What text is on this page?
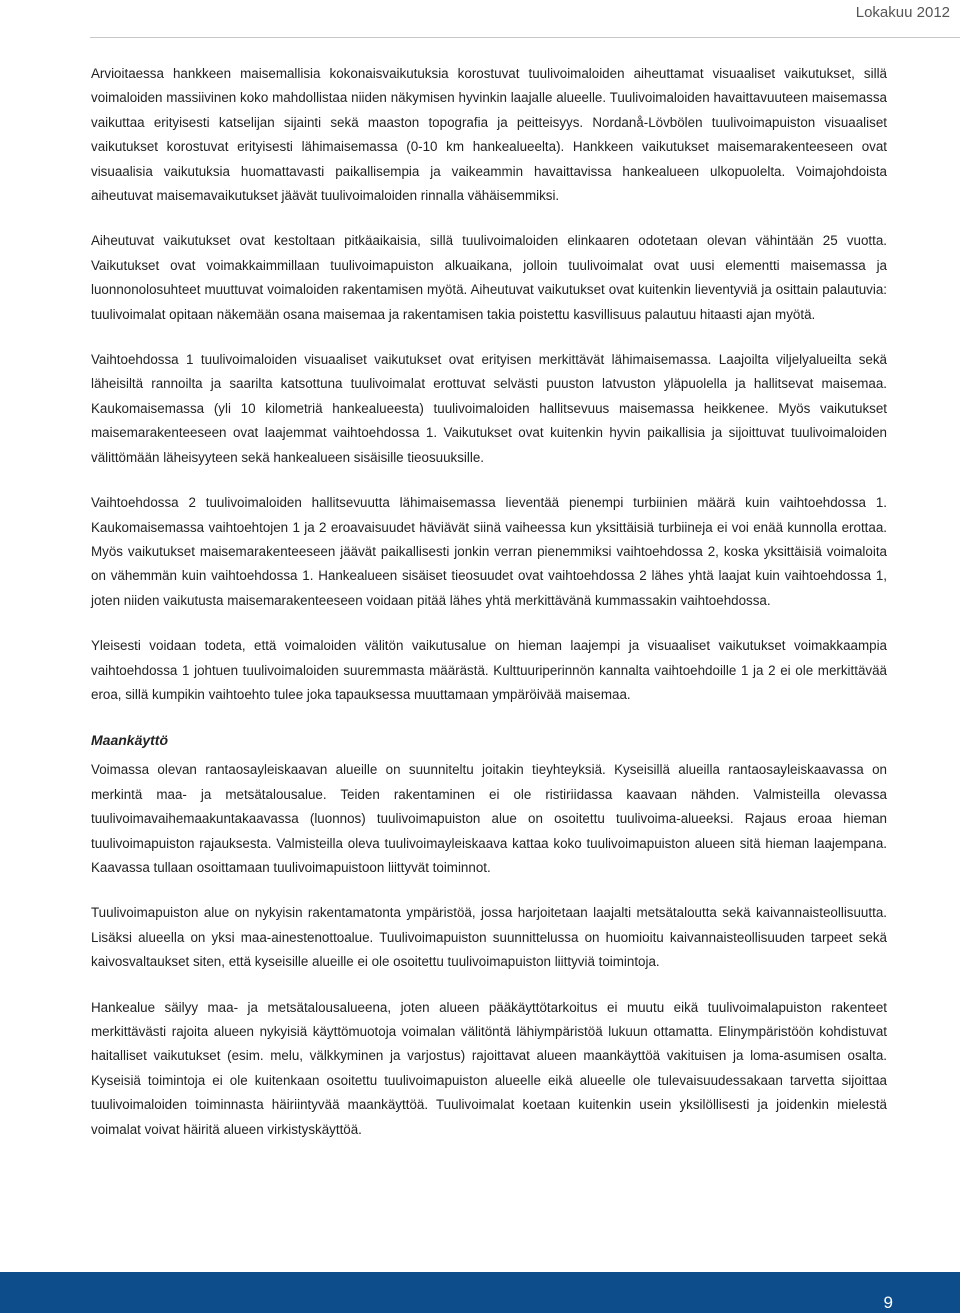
Lokakuu 2012

Arvioitaessa hankkeen maisemallisia kokonaisvaikutuksia korostuvat tuulivoimaloiden aiheuttamat visuaaliset vaikutukset, sillä voimaloiden massiivinen koko mahdollistaa niiden näkymisen hyvinkin laajalle alueelle. Tuulivoimaloiden havaittavuuteen maisemassa vaikuttaa erityisesti katselijan sijainti sekä maaston topografia ja peitteisyys. Nordanå-Lövbölen tuulivoimapuiston visuaaliset vaikutukset korostuvat erityisesti lähimaisemassa (0-10 km hankealueelta). Hankkeen vaikutukset maisemarakenteeseen ovat visuaalisia vaikutuksia huomattavasti paikallisempia ja vaikeammin havaittavissa hankealueen ulkopuolelta. Voimajohdoista aiheutuvat maisemavaikutukset jäävät tuulivoimaloiden rinnalla vähäisemmiksi.

Aiheutuvat vaikutukset ovat kestoltaan pitkäaikaisia, sillä tuulivoimaloiden elinkaaren odotetaan olevan vähintään 25 vuotta. Vaikutukset ovat voimakkaimmillaan tuulivoimapuiston alkuaikana, jolloin tuulivoimalat ovat uusi elementti maisemassa ja luonnonolosuhteet muuttuvat voimaloiden rakentamisen myötä. Aiheutuvat vaikutukset ovat kuitenkin lieventyviä ja osittain palautuvia: tuulivoimalat opitaan näkemään osana maisemaa ja rakentamisen takia poistettu kasvillisuus palautuu hitaasti ajan myötä.

Vaihtoehdossa 1 tuulivoimaloiden visuaaliset vaikutukset ovat erityisen merkittävät lähimaisemassa. Laajoilta viljelyalueilta sekä läheisiltä rannoilta ja saarilta katsottuna tuulivoimalat erottuvat selvästi puuston latvuston yläpuolella ja hallitsevat maisemaa. Kaukomaisemassa (yli 10 kilometriä hankealueesta) tuulivoimaloiden hallitsevuus maisemassa heikkenee. Myös vaikutukset maisemarakenteeseen ovat laajemmat vaihtoehdossa 1. Vaikutukset ovat kuitenkin hyvin paikallisia ja sijoittuvat tuulivoimaloiden välittömään läheisyyteen sekä hankealueen sisäisille tieosuuksille.

Vaihtoehdossa 2 tuulivoimaloiden hallitsevuutta lähimaisemassa lieventää pienempi turbiinien määrä kuin vaihtoehdossa 1. Kaukomaisemassa vaihtoehtojen 1 ja 2 eroavaisuudet häviävät siinä vaiheessa kun yksittäisiä turbiineja ei voi enää kunnolla erottaa. Myös vaikutukset maisemarakenteeseen jäävät paikallisesti jonkin verran pienemmiksi vaihtoehdossa 2, koska yksittäisiä voimaloita on vähemmän kuin vaihtoehdossa 1. Hankealueen sisäiset tieosuudet ovat vaihtoehdossa 2 lähes yhtä laajat kuin vaihtoehdossa 1, joten niiden vaikutusta maisemarakenteeseen voidaan pitää lähes yhtä merkittävänä kummassakin vaihtoehdossa.

Yleisesti voidaan todeta, että voimaloiden välitön vaikutusalue on hieman laajempi ja visuaaliset vaikutukset voimakkaampia vaihtoehdossa 1 johtuen tuulivoimaloiden suuremmasta määrästä. Kulttuuriperinnön kannalta vaihtoehdoille 1 ja 2 ei ole merkittävää eroa, sillä kumpikin vaihtoehto tulee joka tapauksessa muuttamaan ympäröivää maisemaa.

Maankäyttö

Voimassa olevan rantaosayleiskaavan alueille on suunniteltu joitakin tieyhteyksiä. Kyseisillä alueilla rantaosayleiskaavassa on merkintä maa- ja metsätalousalue. Teiden rakentaminen ei ole ristiriidassa kaavaan nähden. Valmisteilla olevassa tuulivoimavaihemaakuntakaavassa (luonnos) tuulivoimapuiston alue on osoitettu tuulivoima-alueeksi. Rajaus eroaa hieman tuulivoimapuiston rajauksesta. Valmisteilla oleva tuulivoimayleiskaava kattaa koko tuulivoimapuiston alueen sitä hieman laajempana. Kaavassa tullaan osoittamaan tuulivoimapuistoon liittyvät toiminnot.

Tuulivoimapuiston alue on nykyisin rakentamatonta ympäristöä, jossa harjoitetaan laajalti metsätaloutta sekä kaivannaisteollisuutta. Lisäksi alueella on yksi maa-ainestenottoalue. Tuulivoimapuiston suunnittelussa on huomioitu kaivannaisteollisuuden tarpeet sekä kaivosvaltaukset siten, että kyseisille alueille ei ole osoitettu tuulivoimapuiston liittyviä toimintoja.

Hankealue säilyy maa- ja metsätalousalueena, joten alueen pääkäyttötarkoitus ei muutu eikä tuulivoimalapuiston rakenteet merkittävästi rajoita alueen nykyisiä käyttömuotoja voimalan välitöntä lähiympäristöä lukuun ottamatta. Elinympäristöön kohdistuvat haitalliset vaikutukset (esim. melu, välkkyminen ja varjostus) rajoittavat alueen maankäyttöä vakituisen ja loma-asumisen osalta. Kyseisiä toimintoja ei ole kuitenkaan osoitettu tuulivoimapuiston alueelle eikä alueelle ole tulevaisuudessakaan tarvetta sijoittaa tuulivoimaloiden toiminnasta häiriintyvää maankäyttöä. Tuulivoimalat koetaan kuitenkin usein yksilöllisesti ja joidenkin mielestä voimalat voivat häiritä alueen virkistyskäyttöä.

9
